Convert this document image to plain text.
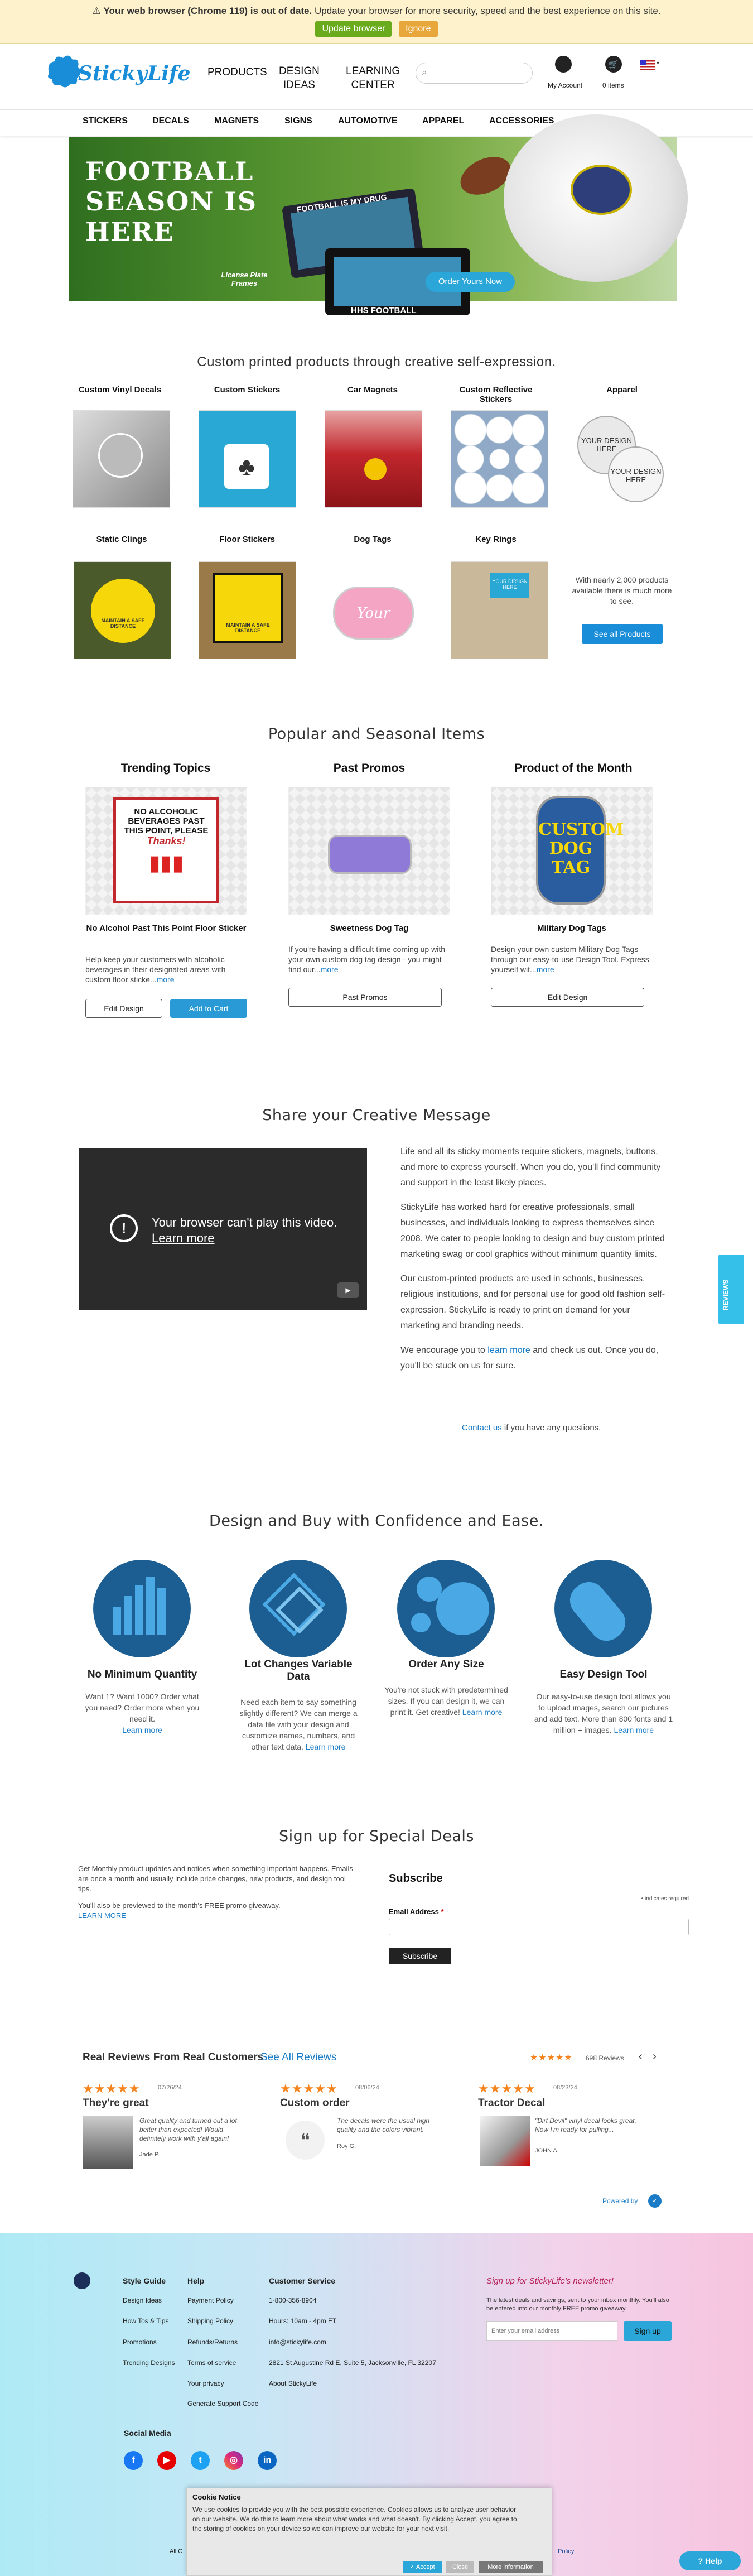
⚠ Your web browser (Chrome 119) is out of date. Update your browser for more security, speed and the best experience on this site.
Update browser Ignore
StickyLife PRODUCTS DESIGN
IDEAS
LEARNING
CENTER
⌕
My Account
🛒
0 items
▾
STICKERS	DECALS	MAGNETS	SIGNS	AUTOMOTIVE	APPAREL	ACCESSORIES
FOOTBALL SEASON IS HERE
FOOTBALL IS MY DRUG
HHS FOOTBALL
License Plate Frames	Order Yours Now
Custom printed products through creative self-expression.
Custom Vinyl Decals	Custom Stickers
♣
Car Magnets	Custom Reflective Stickers
Apparel
YOUR DESIGN HERE
YOUR DESIGN HERE
Static Clings
MAINTAIN A SAFE DISTANCE
Floor Stickers
MAINTAIN A SAFE DISTANCE
Dog Tags
Your Design
Key Rings
YOUR DESIGN HERE
With nearly 2,000 products available there is much more to see.
See all Products
Popular and Seasonal Items
Trending Topics
NO ALCOHOLIC BEVERAGES PAST THIS POINT, PLEASE
Thanks!
▮▮▮
No Alcohol Past This Point Floor Sticker
Help keep your customers with alcoholic beverages in their designated areas with custom floor sticke...more
Edit Design	Add to Cart
Past Promos
Sweetness Dog Tag
If you're having a difficult time coming up with your own custom dog tag design - you might find our...more
Past Promos
Product of the Month
CUSTOM DOG TAG
Military Dog Tags
Design your own custom Military Dog Tags through our easy-to-use Design Tool. Express yourself wit...more
Edit Design
Share your Creative Message
!	Your browser can't play this video.
Learn more
▶

Life and all its sticky moments require stickers, magnets, buttons, and more to express yourself. When you do, you'll find community and support in the least likely places.

StickyLife has worked hard for creative professionals, small businesses, and individuals looking to express themselves since 2008. We cater to people looking to design and buy custom printed marketing swag or cool graphics without minimum quantity limits.

Our custom-printed products are used in schools, businesses, religious institutions, and for personal use for good old fashion self-expression. StickyLife is ready to print on demand for your marketing and branding needs.

We encourage you to learn more and check us out. Once you do, you'll be stuck on us for sure.

Contact us if you have any questions.
Design and Buy with Confidence and Ease.
No Minimum Quantity
Want 1? Want 1000? Order what you need? Order more when you need it.
Learn more
Lot Changes Variable Data
Need each item to say something slightly different? We can merge a data file with your design and customize names, numbers, and other text data. Learn more
Order Any Size
You're not stuck with predetermined sizes. If you can design it, we can print it. Get creative! Learn more
Easy Design Tool
Our easy-to-use design tool allows you to upload images, search our pictures and add text. More than 800 fonts and 1 million + images. Learn more
Sign up for Special Deals

Get Monthly product updates and notices when something important happens. Emails are once a month and usually include price changes, new products, and design tool tips.

You'll also be previewed to the month's FREE promo giveaway.

LEARN MORE
Subscribe
• indicates required
Email Address *
Subscribe
Real Reviews From Real Customers
See All Reviews	★★★★★ 698 Reviews ‹ ›
★★★★★	07/26/24
They're great
Great quality and turned out a lot better than expected! Would definitely work with y'all again!
Jade P.
★★★★★	08/06/24
Custom order
❝
The decals were the usual high quality and the colors vibrant.
Roy G.
★★★★★	08/23/24
Tractor Decal
"Dirt Devil" vinyl decal looks great. Now I'm ready for pulling...
JOHN A.
Powered by	✓
Style Guide
Design Ideas
How Tos & Tips
Promotions
Trending Designs
Help
Payment Policy
Shipping Policy
Refunds/Returns
Terms of service
Your privacy
Generate Support Code
Customer Service
1-800-356-8904
Hours: 10am - 4pm ET
info@stickylife.com
2821 St Augustine Rd E, Suite 5, Jacksonville, FL 32207
About StickyLife
Sign up for StickyLife's newsletter!
The latest deals and savings, sent to your inbox monthly. You'll also be entered into our monthly FREE promo giveaway.
Enter your email address	Sign up
Social Media
f	▶	t	◎	in
All C	Policy
REVIEWS
Cookie Notice
We use cookies to provide you with the best possible experience. Cookies allows us to analyze user behavior on our website. We do this to learn more about what works and what doesn't. By clicking Accept, you agree to the storing of cookies on your device so we can improve our website for your next visit.
✓ Accept	Close	More information
? Help
